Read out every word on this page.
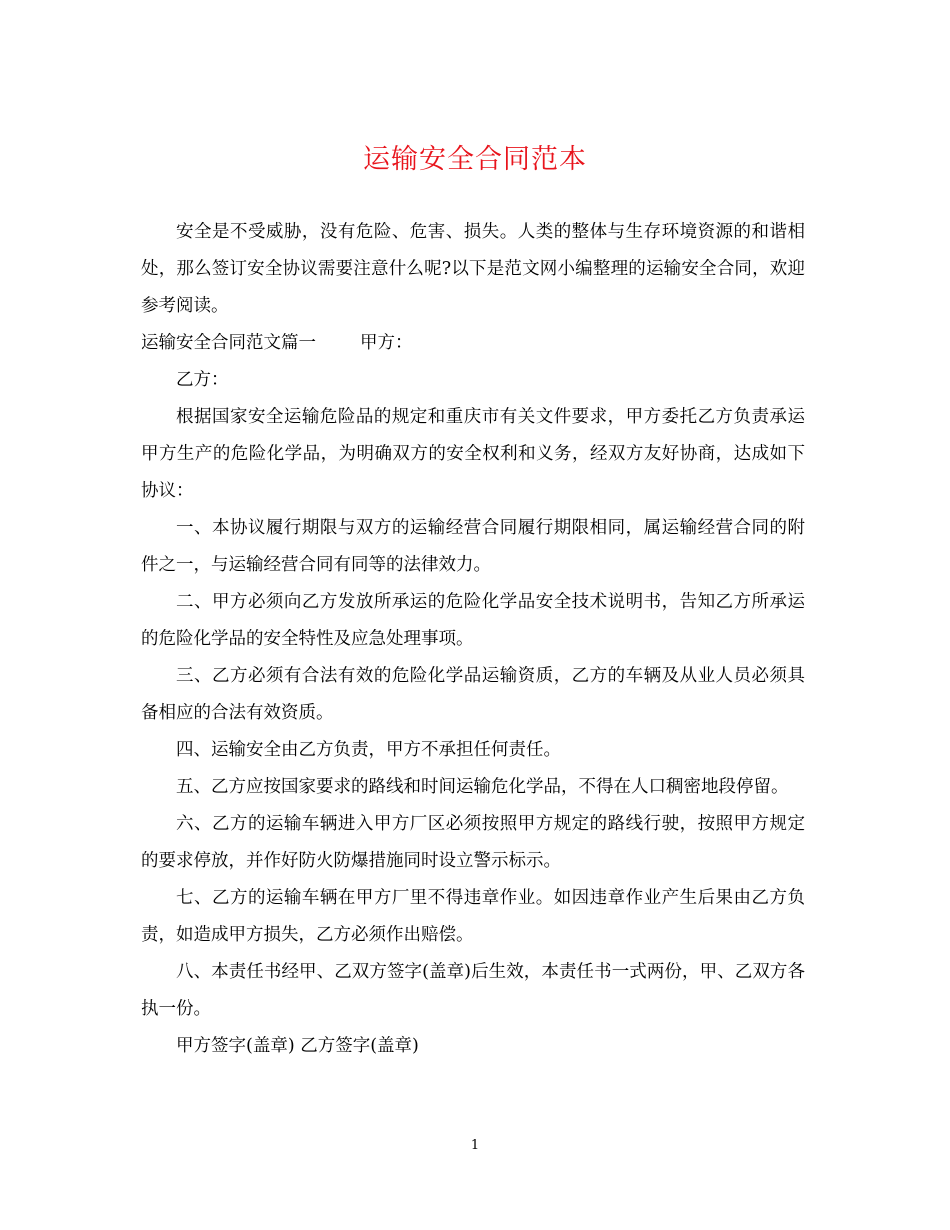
运输安全合同范本

安全是不受威胁，没有危险、危害、损失。人类的整体与生存环境资源的和谐相处，那么签订安全协议需要注意什么呢?以下是范文网小编整理的运输安全合同，欢迎参考阅读。

运输安全合同范文篇一	甲方：

乙方：

根据国家安全运输危险品的规定和重庆市有关文件要求，甲方委托乙方负责承运甲方生产的危险化学品，为明确双方的安全权利和义务，经双方友好协商，达成如下协议：

一、本协议履行期限与双方的运输经营合同履行期限相同，属运输经营合同的附件之一，与运输经营合同有同等的法律效力。

二、甲方必须向乙方发放所承运的危险化学品安全技术说明书，告知乙方所承运的危险化学品的安全特性及应急处理事项。

三、乙方必须有合法有效的危险化学品运输资质，乙方的车辆及从业人员必须具备相应的合法有效资质。

四、运输安全由乙方负责，甲方不承担任何责任。

五、乙方应按国家要求的路线和时间运输危化学品，不得在人口稠密地段停留。

六、乙方的运输车辆进入甲方厂区必须按照甲方规定的路线行驶，按照甲方规定的要求停放，并作好防火防爆措施同时设立警示标示。

七、乙方的运输车辆在甲方厂里不得违章作业。如因违章作业产生后果由乙方负责，如造成甲方损失，乙方必须作出赔偿。

八、本责任书经甲、乙双方签字(盖章)后生效，本责任书一式两份，甲、乙双方各执一份。

甲方签字(盖章) 乙方签字(盖章)

1
